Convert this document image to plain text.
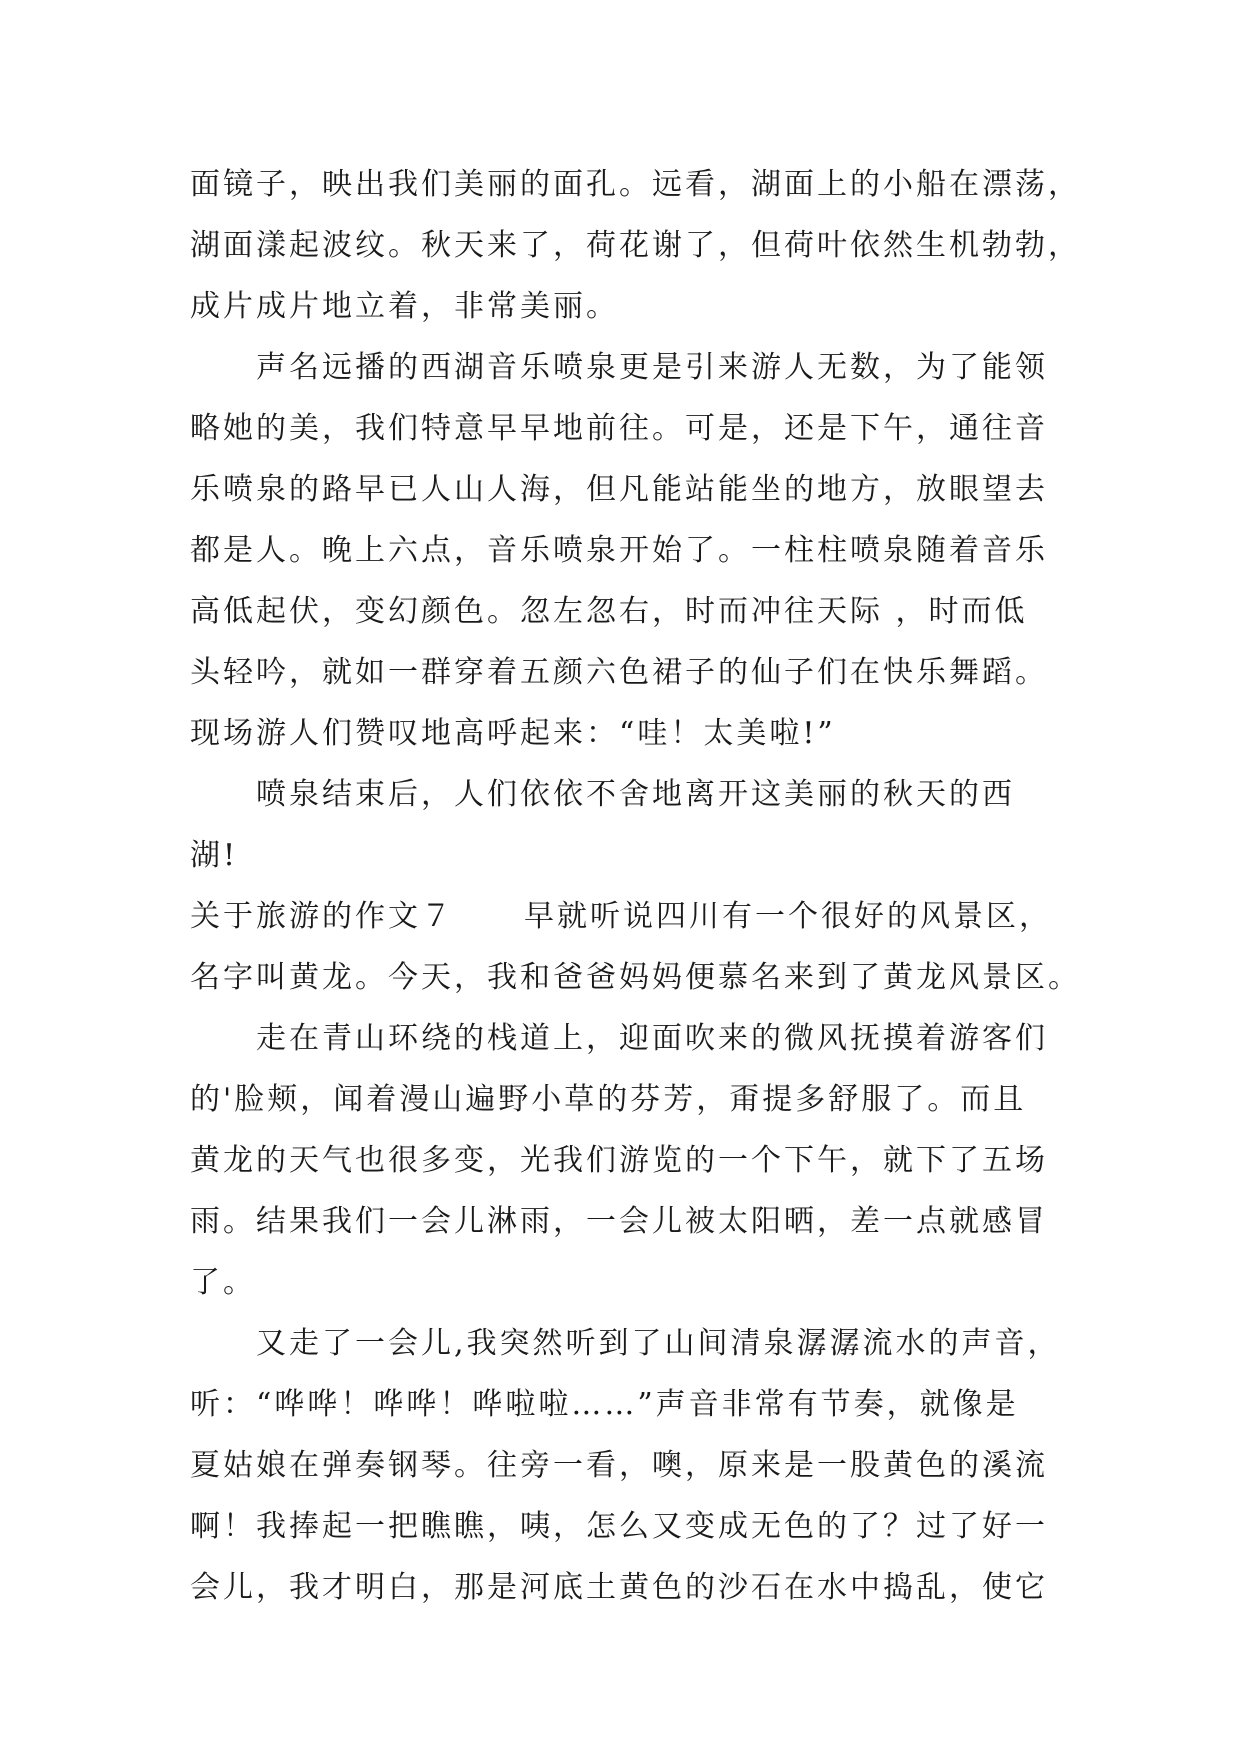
面镜子，映出我们美丽的面孔。远看，湖面上的小船在漂荡，
湖面漾起波纹。秋天来了，荷花谢了，但荷叶依然生机勃勃，
成片成片地立着，非常美丽。
声名远播的西湖音乐喷泉更是引来游人无数，为了能领
略她的美，我们特意早早地前往。可是，还是下午，通往音
乐喷泉的路早已人山人海，但凡能站能坐的地方，放眼望去
都是人。晚上六点，音乐喷泉开始了。一柱柱喷泉随着音乐
高低起伏，变幻颜色。忽左忽右，时而冲往天际 ，时而低
头轻吟，就如一群穿着五颜六色裙子的仙子们在快乐舞蹈。
现场游人们赞叹地高呼起来：“哇！太美啦!”
喷泉结束后，人们依依不舍地离开这美丽的秋天的西
湖!
关于旅游的作文７ 早就听说四川有一个很好的风景区，
名字叫黄龙。今天，我和爸爸妈妈便慕名来到了黄龙风景区。
走在青山环绕的栈道上，迎面吹来的微风抚摸着游客们
的'脸颊，闻着漫山遍野小草的芬芳，甭提多舒服了。而且
黄龙的天气也很多变，光我们游览的一个下午，就下了五场
雨。结果我们一会儿淋雨，一会儿被太阳晒，差一点就感冒
了。
又走了一会儿,我突然听到了山间清泉潺潺流水的声音，
听：“哗哗！哗哗！哗啦啦……”声音非常有节奏，就像是
夏姑娘在弹奏钢琴。往旁一看，噢，原来是一股黄色的溪流
啊！我捧起一把瞧瞧，咦，怎么又变成无色的了？过了好一
会儿，我才明白，那是河底土黄色的沙石在水中捣乱，使它
